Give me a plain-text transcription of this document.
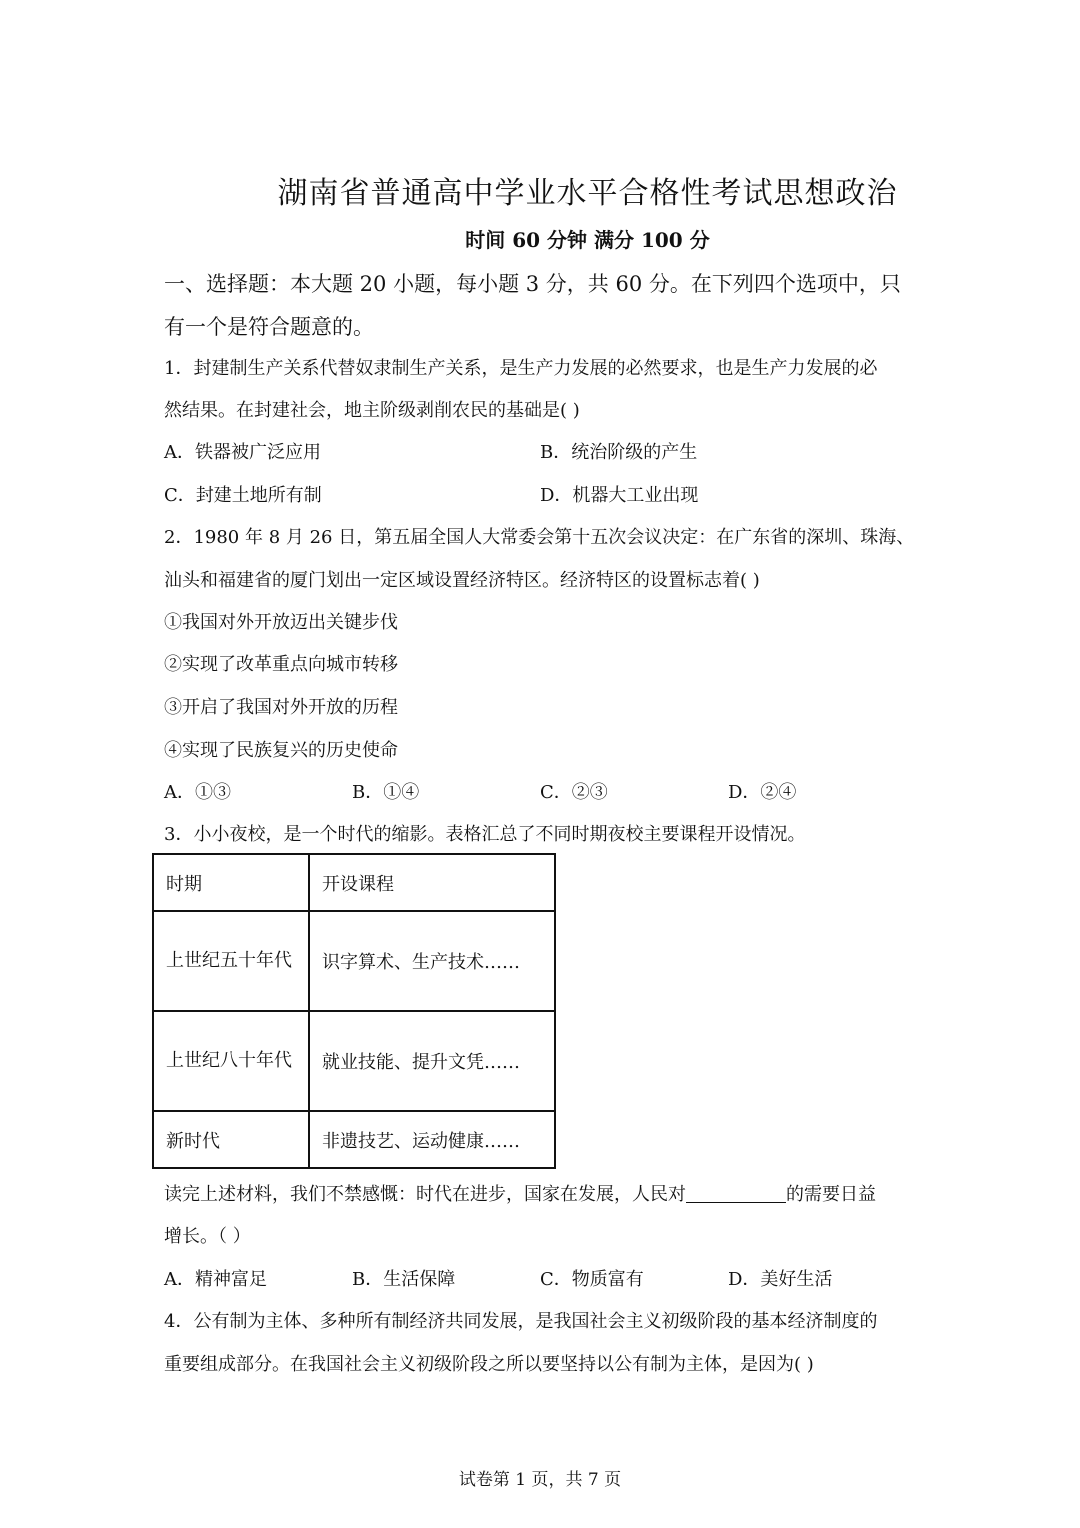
湖南省普通高中学业水平合格性考试思想政治
时间 60 分钟 满分 100 分
一、选择题：本大题 20 小题，每小题 3 分，共 60 分。在下列四个选项中，只
有一个是符合题意的。
1．封建制生产关系代替奴隶制生产关系，是生产力发展的必然要求，也是生产力发展的必
然结果。在封建社会，地主阶级剥削农民的基础是( )
A．铁器被广泛应用	B．统治阶级的产生
C．封建土地所有制	D．机器大工业出现
2．1980 年 8 月 26 日，第五届全国人大常委会第十五次会议决定：在广东省的深圳、珠海、
汕头和福建省的厦门划出一定区域设置经济特区。经济特区的设置标志着( )
①我国对外开放迈出关键步伐
②实现了改革重点向城市转移
③开启了我国对外开放的历程
④实现了民族复兴的历史使命
A．①③	B．①④	C．②③	D．②④
3．小小夜校，是一个时代的缩影。表格汇总了不同时期夜校主要课程开设情况。
时期	开设课程
上世纪五十年代	识字算术、生产技术……
上世纪八十年代	就业技能、提升文凭……
新时代	非遗技艺、运动健康……
读完上述材料，我们不禁感慨：时代在进步，国家在发展，人民对	的需要日益
增长。（ ）
A．精神富足	B．生活保障	C．物质富有	D．美好生活
4．公有制为主体、多种所有制经济共同发展，是我国社会主义初级阶段的基本经济制度的
重要组成部分。在我国社会主义初级阶段之所以要坚持以公有制为主体，是因为( )
试卷第 1 页，共 7 页
